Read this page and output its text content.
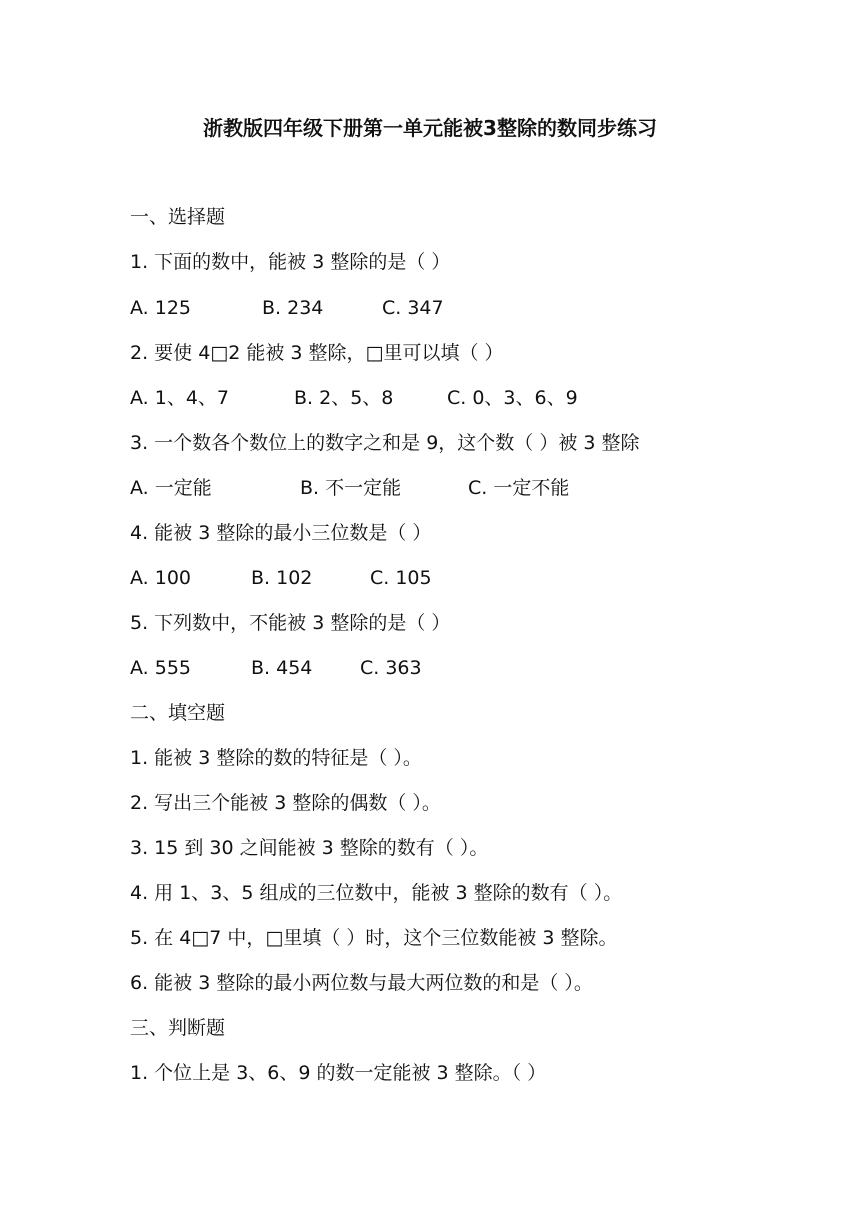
浙教版四年级下册第一单元能被3整除的数同步练习
一、选择题
1. 下面的数中，能被 3 整除的是（ ）
A. 125	B. 234	C. 347
2. 要使 4□2 能被 3 整除，□里可以填（ ）
A. 1、4、7	B. 2、5、8	C. 0、3、6、9
3. 一个数各个数位上的数字之和是 9，这个数（ ）被 3 整除
A. 一定能	B. 不一定能	C. 一定不能
4. 能被 3 整除的最小三位数是（ ）
A. 100	B. 102	C. 105
5. 下列数中，不能被 3 整除的是（ ）
A. 555	B. 454	C. 363
二、填空题
1. 能被 3 整除的数的特征是（ ）。
2. 写出三个能被 3 整除的偶数（ ）。
3. 15 到 30 之间能被 3 整除的数有（ ）。
4. 用 1、3、5 组成的三位数中，能被 3 整除的数有（ ）。
5. 在 4□7 中，□里填（ ）时，这个三位数能被 3 整除。
6. 能被 3 整除的最小两位数与最大两位数的和是（ ）。
三、判断题
1. 个位上是 3、6、9 的数一定能被 3 整除。（ ）
